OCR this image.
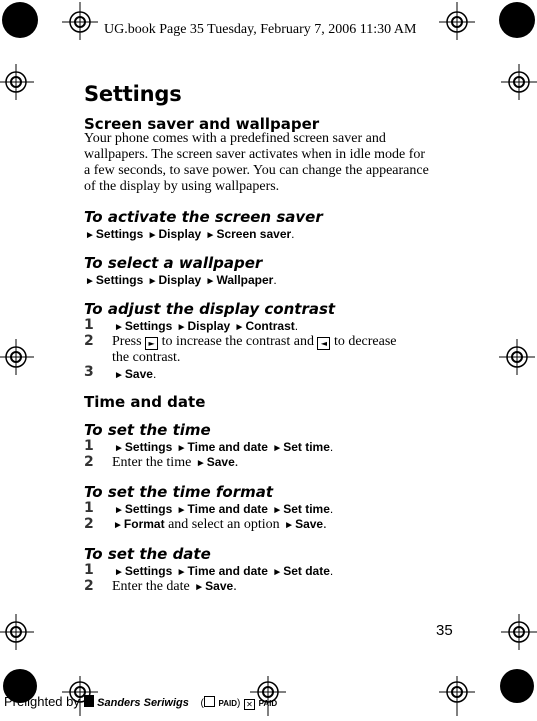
UG.book Page 35 Tuesday, February 7, 2006 11:30 AM
Settings
Screen saver and wallpaper
Your phone comes with a predefined screen saver and
wallpapers. The screen saver activates when in idle mode for
a few seconds, to save power. You can change the appearance
of the display by using wallpapers.
To activate the screen saver
►Settings ►Display ►Screen saver.
To select a wallpaper
►Settings ►Display ►Wallpaper.
To adjust the display contrast
1 ►Settings ►Display ►Contrast.
2 Press ► to increase the contrast and ◄ to decrease
the contrast.
3 ►Save.
Time and date
To set the time
1 ►Settings ►Time and date ►Set time.
2 Enter the time ►Save.
To set the time format
1 ►Settings ►Time and date ►Set time.
2 ►Format and select an option ►Save.
To set the date
1 ►Settings ►Time and date ►Set date.
2 Enter the date ►Save.
35
Prelighted by Sanders Seriwigs ( PAID) ✕ PAID
